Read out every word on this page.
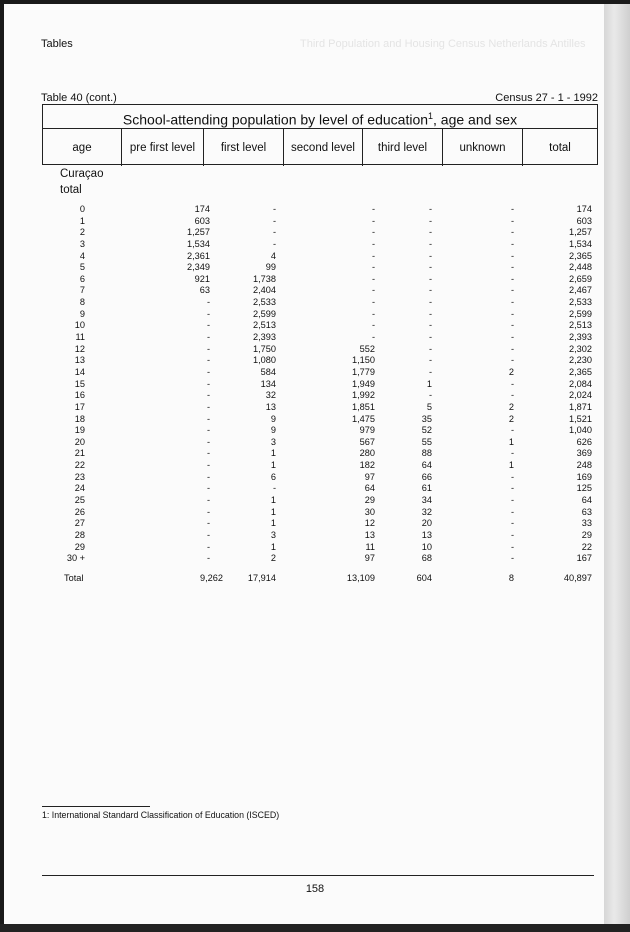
Third Population and Housing Census Netherlands Antilles
Tables
Table 40 (cont.)	Census 27 - 1 - 1992
School-attending population by level of education$^1$, age and sex
age	pre first level	first level	second level	third level	unknown	total
Curaçao
total
0	174	-	-	-	-	174
1	603	-	-	-	-	603
2	1,257	-	-	-	-	1,257
3	1,534	-	-	-	-	1,534
4	2,361	4	-	-	-	2,365
5	2,349	99	-	-	-	2,448
6	921	1,738	-	-	-	2,659
7	63	2,404	-	-	-	2,467
8	-	2,533	-	-	-	2,533
9	-	2,599	-	-	-	2,599
10	-	2,513	-	-	-	2,513
11	-	2,393	-	-	-	2,393
12	-	1,750	552	-	-	2,302
13	-	1,080	1,150	-	-	2,230
14	-	584	1,779	-	2	2,365
15	-	134	1,949	1	-	2,084
16	-	32	1,992	-	-	2,024
17	-	13	1,851	5	2	1,871
18	-	9	1,475	35	2	1,521
19	-	9	979	52	-	1,040
20	-	3	567	55	1	626
21	-	1	280	88	-	369
22	-	1	182	64	1	248
23	-	6	97	66	-	169
24	-	-	64	61	-	125
25	-	1	29	34	-	64
26	-	1	30	32	-	63
27	-	1	12	20	-	33
28	-	3	13	13	-	29
29	-	1	11	10	-	22
30 +	-	2	97	68	-	167
Total	9,262	17,914	13,109	604	8	40,897
1: International Standard Classification of Education (ISCED)
158
